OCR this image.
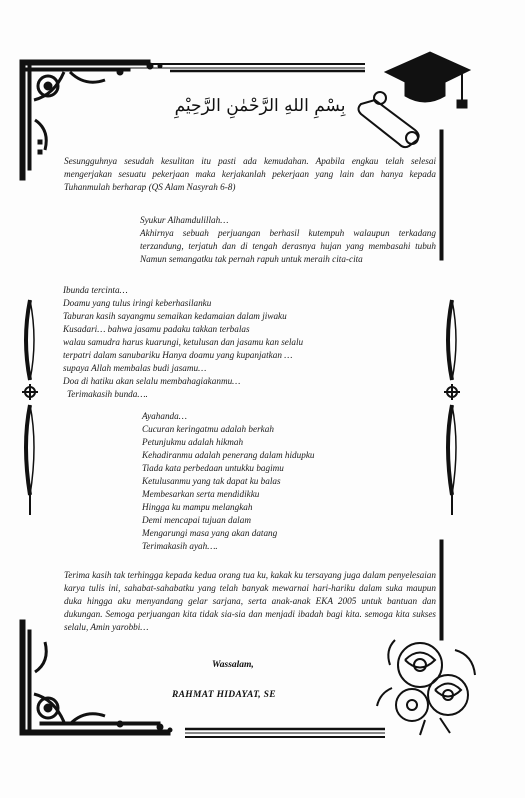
بِسْمِ اللهِ الرَّحْمٰنِ الرَّحِيْمِ

Sesungguhnya sesudah kesulitan itu pasti ada kemudahan. Apabila engkau telah selesai mengerjakan sesuatu pekerjaan maka kerjakanlah pekerjaan yang lain dan hanya kepada Tuhanmulah berharap (QS Alam Nasyrah 6-8)

Syukur Alhamdulillah…

Akhirnya sebuah perjuangan berhasil kutempuh walaupun terkadang terzandung, terjatuh dan di tengah derasnya hujan yang membasahi tubuh Namun semangatku tak pernah rapuh untuk meraih cita-cita

Ibunda tercinta…
Doamu yang tulus iringi keberhasilanku
Taburan kasih sayangmu semaikan kedamaian dalam jiwaku
Kusadari… bahwa jasamu padaku takkan terbalas
walau samudra harus kuarungi, ketulusan dan jasamu kan selalu
terpatri dalam sanubariku Hanya doamu yang kupanjatkan …
supaya Allah membalas budi jasamu…
Doa di hatiku akan selalu membahagiakanmu…
Terimakasih bunda….
Ayahanda…
Cucuran keringatmu adalah berkah
Petunjukmu adalah hikmah
Kehadiranmu adalah penerang dalam hidupku
Tiada kata perbedaan untukku bagimu
Ketulusanmu yang tak dapat ku balas
Membesarkan serta mendidikku
Hingga ku mampu melangkah
Demi mencapai tujuan dalam
Mengarungi masa yang akan datang
Terimakasih ayah….

Terima kasih tak terhingga kepada kedua orang tua ku, kakak ku tersayang juga dalam penyelesaian karya tulis ini, sahabat-sahabatku yang telah banyak mewarnai hari-hariku dalam suka maupun duka hingga aku menyandang gelar sarjana, serta anak-anak EKA 2005 untuk bantuan dan dukungan. Semoga perjuangan kita tidak sia-sia dan menjadi ibadah bagi kita. semoga kita sukses selalu, Amin yarobbi…

Wassalam,
RAHMAT HIDAYAT, SE
